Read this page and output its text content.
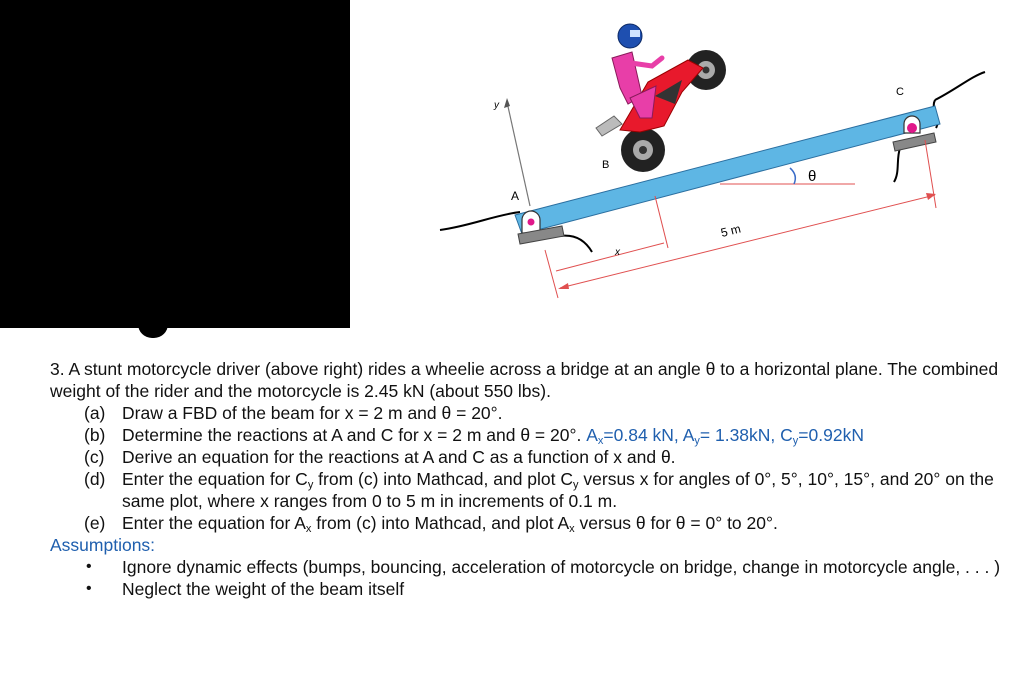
y
θ
A
C
x
5 m
B

3. A stunt motorcycle driver (above right) rides a wheelie across a bridge at an angle θ to a horizontal plane. The combined weight of the rider and the motorcycle is 2.45 kN (about 550 lbs).

(a) Draw a FBD of the beam for x = 2 m and θ = 20°.
(b) Determine the reactions at A and C for x = 2 m and θ = 20°. $A_x=0.84$ kN, $A_y= 1.38kN$, $C_y=0.92kN$
(c) Derive an equation for the reactions at A and C as a function of x and θ.
(d) Enter the equation for $C_y$ from (c) into Mathcad, and plot $C_y$ versus x for angles of 0°, 5°, 10°, 15°, and 20° on the same plot, where x ranges from 0 to 5 m in increments of 0.1 m.
(e) Enter the equation for $A_x$ from (c) into Mathcad, and plot $A_x$ versus θ for θ = 0° to 20°.

Assumptions:

• Ignore dynamic effects (bumps, bouncing, acceleration of motorcycle on bridge, change in motorcycle angle, . . . )
• Neglect the weight of the beam itself
